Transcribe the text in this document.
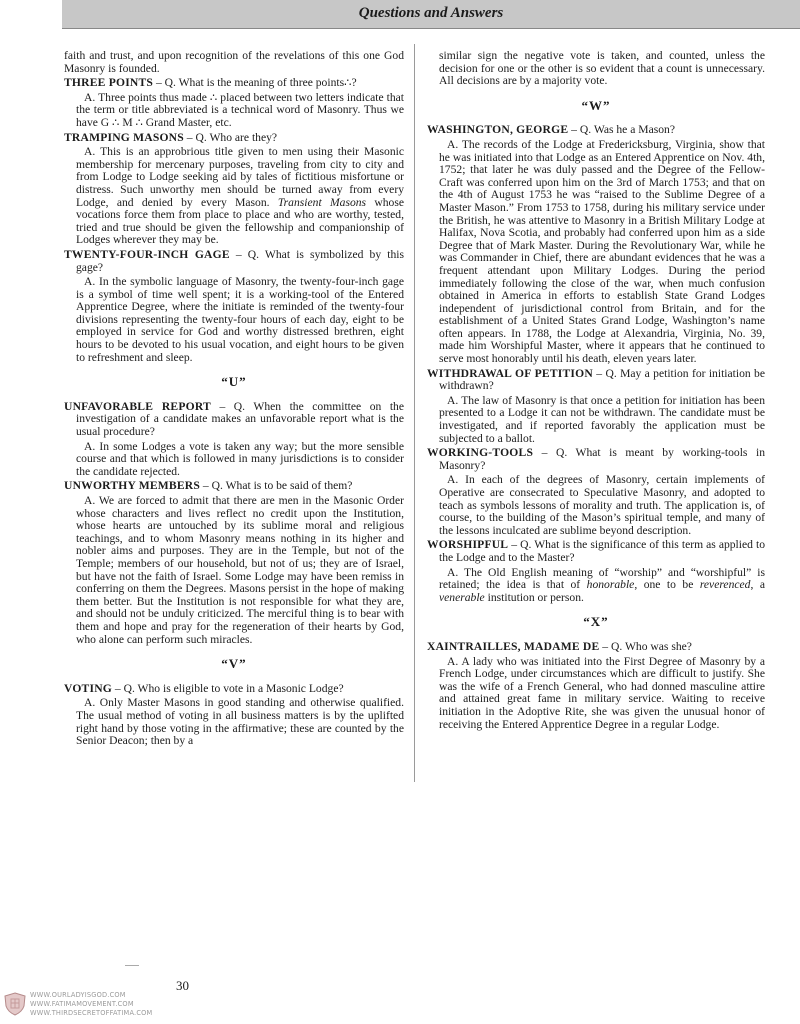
Questions and Answers

faith and trust, and upon recognition of the revelations of this one God Masonry is founded.

THREE POINTS – Q. What is the meaning of three points∴?

A. Three points thus made ∴ placed between two letters indicate that the term or title abbreviated is a technical word of Masonry. Thus we have G ∴ M ∴ Grand Master, etc.

TRAMPING MASONS – Q. Who are they?

A. This is an approbrious title given to men using their Masonic membership for mercenary purposes, traveling from city to city and from Lodge to Lodge seeking aid by tales of fictitious misfortune or distress. Such unworthy men should be turned away from every Lodge, and denied by every Mason. Transient Masons whose vocations force them from place to place and who are worthy, tested, tried and true should be given the fellowship and companionship of Lodges wherever they may be.

TWENTY-FOUR-INCH GAGE – Q. What is symbolized by this gage?

A. In the symbolic language of Masonry, the twenty-four-inch gage is a symbol of time well spent; it is a working-tool of the Entered Apprentice Degree, where the initiate is reminded of the twenty-four divisions representing the twenty-four hours of each day, eight to be employed in service for God and worthy distressed brethren, eight hours to be devoted to his usual vocation, and eight hours to be given to refreshment and sleep.

“U”

UNFAVORABLE REPORT – Q. When the committee on the investigation of a candidate makes an unfavorable report what is the usual procedure?

A. In some Lodges a vote is taken any way; but the more sensible course and that which is followed in many jurisdictions is to consider the candidate rejected.

UNWORTHY MEMBERS – Q. What is to be said of them?

A. We are forced to admit that there are men in the Masonic Order whose characters and lives reflect no credit upon the Institution, whose hearts are untouched by its sublime moral and religious teachings, and to whom Masonry means nothing in its higher and nobler aims and purposes. They are in the Temple, but not of the Temple; members of our household, but not of us; they are of Israel, but have not the faith of Israel. Some Lodge may have been remiss in conferring on them the Degrees. Masons persist in the hope of making them better. But the Institution is not responsible for what they are, and should not be unduly criticized. The merciful thing is to bear with them and hope and pray for the regeneration of their hearts by God, who alone can perform such miracles.

“V”

VOTING – Q. Who is eligible to vote in a Masonic Lodge?

A. Only Master Masons in good standing and otherwise qualified. The usual method of voting in all business matters is by the uplifted right hand by those voting in the affirmative; these are counted by the Senior Deacon; then by a

similar sign the negative vote is taken, and counted, unless the decision for one or the other is so evident that a count is unnecessary. All decisions are by a majority vote.

“W”

WASHINGTON, GEORGE – Q. Was he a Mason?

A. The records of the Lodge at Fredericksburg, Virginia, show that he was initiated into that Lodge as an Entered Apprentice on Nov. 4th, 1752; that later he was duly passed and the Degree of the Fellow-Craft was conferred upon him on the 3rd of March 1753; and that on the 4th of August 1753 he was “raised to the Sublime Degree of a Master Mason.” From 1753 to 1758, during his military service under the British, he was attentive to Masonry in a British Military Lodge at Halifax, Nova Scotia, and probably had conferred upon him as a side Degree that of Mark Master. During the Revolutionary War, while he was Commander in Chief, there are abundant evidences that he was a frequent attendant upon Military Lodges. During the period immediately following the close of the war, when much confusion obtained in America in efforts to establish State Grand Lodges independent of jurisdictional control from Britain, and for the establishment of a United States Grand Lodge, Washington’s name often appears. In 1788, the Lodge at Alexandria, Virginia, No. 39, made him Worshipful Master, where it appears that he continued to serve most honorably until his death, eleven years later.

WITHDRAWAL OF PETITION – Q. May a petition for initiation be withdrawn?

A. The law of Masonry is that once a petition for initiation has been presented to a Lodge it can not be withdrawn. The candidate must be investigated, and if reported favorably the application must be subjected to a ballot.

WORKING-TOOLS – Q. What is meant by working-tools in Masonry?

A. In each of the degrees of Masonry, certain implements of Operative are consecrated to Speculative Masonry, and adopted to teach as symbols lessons of morality and truth. The application is, of course, to the building of the Mason’s spiritual temple, and many of the lessons inculcated are sublime beyond description.

WORSHIPFUL – Q. What is the significance of this term as applied to the Lodge and to the Master?

A. The Old English meaning of “worship” and “worshipful” is retained; the idea is that of honorable, one to be reverenced, a venerable institution or person.

“X”

XAINTRAILLES, MADAME DE – Q. Who was she?

A. A lady who was initiated into the First Degree of Masonry by a French Lodge, under circumstances which are difficult to justify. She was the wife of a French General, who had donned masculine attire and attained great fame in military service. Waiting to receive initiation in the Adoptive Rite, she was given the unusual honor of receiving the Entered Apprentice Degree in a regular Lodge.

30
WWW.OURLADYISGOD.COM
WWW.FATIMAMOVEMENT.COM
WWW.THIRDSECRETOFFATIMA.COM
